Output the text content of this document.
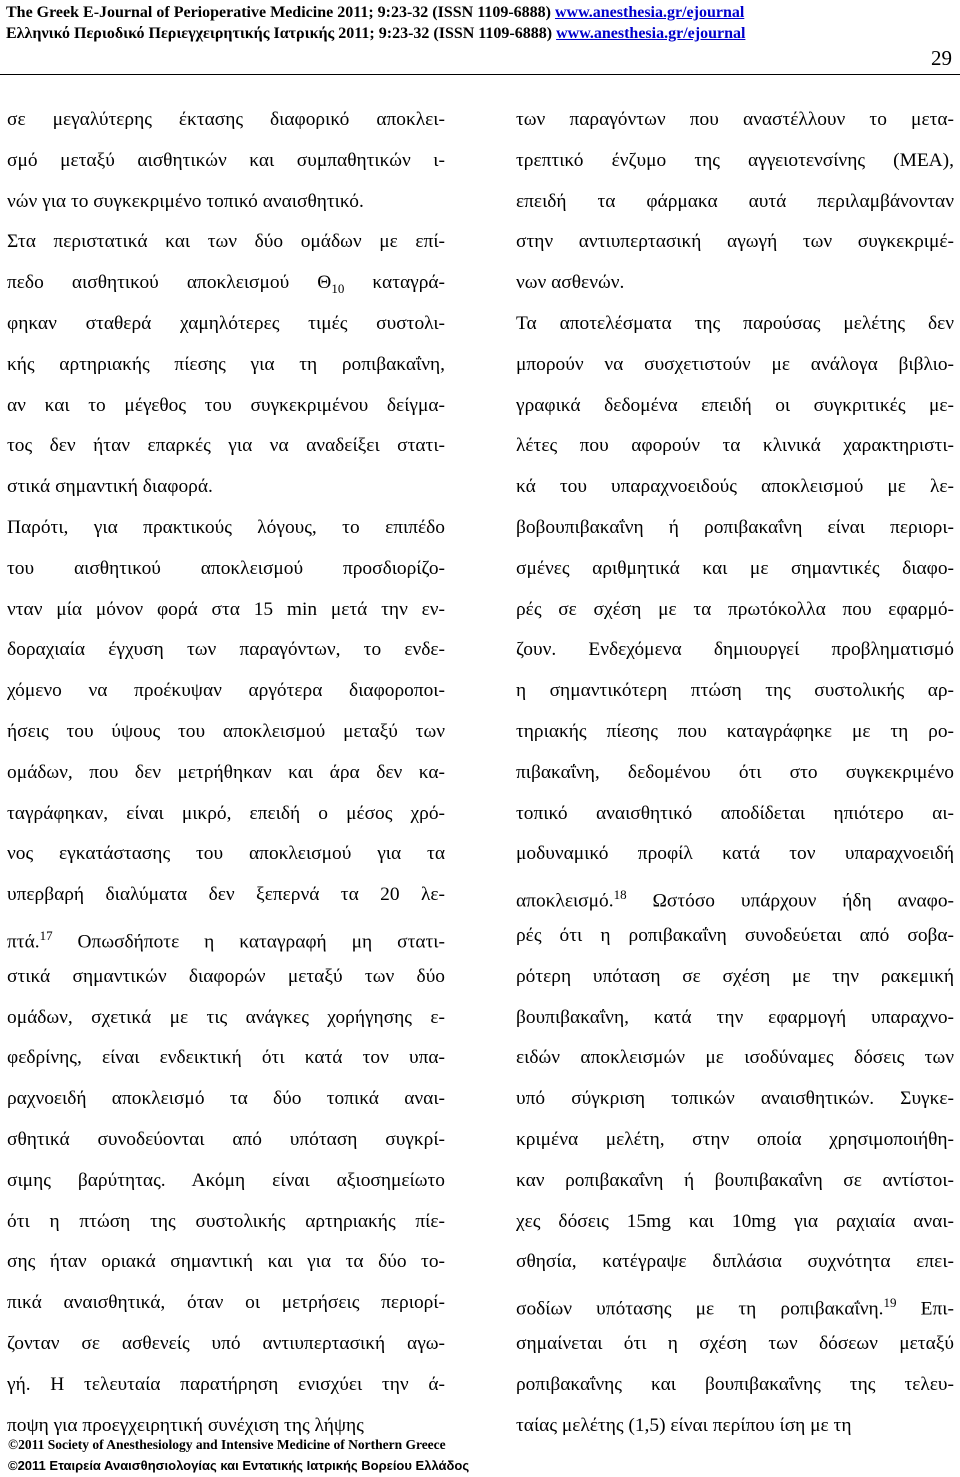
The Greek E-Journal of Perioperative Medicine 2011; 9:23-32 (ISSN 1109-6888) www.anesthesia.gr/ejournal
Ελληνικό Περιοδικό Περιεγχειρητικής Ιατρικής 2011; 9:23-32 (ISSN 1109-6888) www.anesthesia.gr/ejournal
29
σε μεγαλύτερης έκτασης διαφορικό αποκλει-
σμό μεταξύ αισθητικών και συμπαθητικών ι-
νών για το συγκεκριμένο τοπικό αναισθητικό.
Στα περιστατικά και των δύο ομάδων με επί-
πεδο αισθητικού αποκλεισμού $\Theta_{10}$ καταγρά-
φηκαν σταθερά χαμηλότερες τιμές συστολι-
κής αρτηριακής πίεσης για τη ροπιβακαΐνη,
αν και το μέγεθος του συγκεκριμένου δείγμα-
τος δεν ήταν επαρκές για να αναδείξει στατι-
στικά σημαντική διαφορά.
Παρότι, για πρακτικούς λόγους, το επιπέδο
του αισθητικού αποκλεισμού προσδιορίζο-
νταν μία μόνον φορά στα 15 min μετά την εν-
δοραχιαία έγχυση των παραγόντων, το ενδε-
χόμενο να προέκυψαν αργότερα διαφοροποι-
ήσεις του ύψους του αποκλεισμού μεταξύ των
ομάδων, που δεν μετρήθηκαν και άρα δεν κα-
ταγράφηκαν, είναι μικρό, επειδή ο μέσος χρό-
νος εγκατάστασης του αποκλεισμού για τα
υπερβαρή διαλύματα δεν ξεπερνά τα 20 λε-
πτά.$^{17}$ Οπωσδήποτε η καταγραφή μη στατι-
στικά σημαντικών διαφορών μεταξύ των δύο
ομάδων, σχετικά με τις ανάγκες χορήγησης ε-
φεδρίνης, είναι ενδεικτική ότι κατά τον υπα-
ραχνοειδή αποκλεισμό τα δύο τοπικά αναι-
σθητικά συνοδεύονται από υπόταση συγκρί-
σιμης βαρύτητας. Ακόμη είναι αξιοσημείωτο
ότι η πτώση της συστολικής αρτηριακής πίε-
σης ήταν οριακά σημαντική και για τα δύο το-
πικά αναισθητικά, όταν οι μετρήσεις περιορί-
ζονταν σε ασθενείς υπό αντιυπερτασική αγω-
γή. Η τελευταία παρατήρηση ενισχύει την ά-
ποψη για προεγχειρητική συνέχιση της λήψης
των παραγόντων που αναστέλλουν το μετα-
τρεπτικό ένζυμο της αγγειοτενσίνης (ΜΕΑ),
επειδή τα φάρμακα αυτά περιλαμβάνονταν
στην αντιυπερτασική αγωγή των συγκεκριμέ-
νων ασθενών.
Τα αποτελέσματα της παρούσας μελέτης δεν
μπορούν να συσχετιστούν με ανάλογα βιβλιο-
γραφικά δεδομένα επειδή οι συγκριτικές με-
λέτες που αφορούν τα κλινικά χαρακτηριστι-
κά του υπαραχνοειδούς αποκλεισμού με λε-
βοβουπιβακαΐνη ή ροπιβακαΐνη είναι περιορι-
σμένες αριθμητικά και με σημαντικές διαφο-
ρές σε σχέση με τα πρωτόκολλα που εφαρμό-
ζουν. Ενδεχόμενα δημιουργεί προβληματισμό
η σημαντικότερη πτώση της συστολικής αρ-
τηριακής πίεσης που καταγράφηκε με τη ρο-
πιβακαΐνη, δεδομένου ότι στο συγκεκριμένο
τοπικό αναισθητικό αποδίδεται ηπιότερο αι-
μοδυναμικό προφίλ κατά τον υπαραχνοειδή
αποκλεισμό.$^{18}$ Ωστόσο υπάρχουν ήδη αναφο-
ρές ότι η ροπιβακαΐνη συνοδεύεται από σοβα-
ρότερη υπόταση σε σχέση με την ρακεμική
βουπιβακαΐνη, κατά την εφαρμογή υπαραχνο-
ειδών αποκλεισμών με ισοδύναμες δόσεις των
υπό σύγκριση τοπικών αναισθητικών. Συγκε-
κριμένα μελέτη, στην οποία χρησιμοποιήθη-
καν ροπιβακαΐνη ή βουπιβακαΐνη σε αντίστοι-
χες δόσεις 15mg και 10mg για ραχιαία αναι-
σθησία, κατέγραψε διπλάσια συχνότητα επει-
σοδίων υπότασης με τη ροπιβακαΐνη.$^{19}$ Επι-
σημαίνεται ότι η σχέση των δόσεων μεταξύ
ροπιβακαΐνης και βουπιβακαΐνης της τελευ-
ταίας μελέτης (1,5) είναι περίπου ίση με τη
©2011 Society of Anesthesiology and Intensive Medicine of Northern Greece
©2011 Εταιρεία Αναισθησιολογίας και Εντατικής Ιατρικής Βορείου Ελλάδος
